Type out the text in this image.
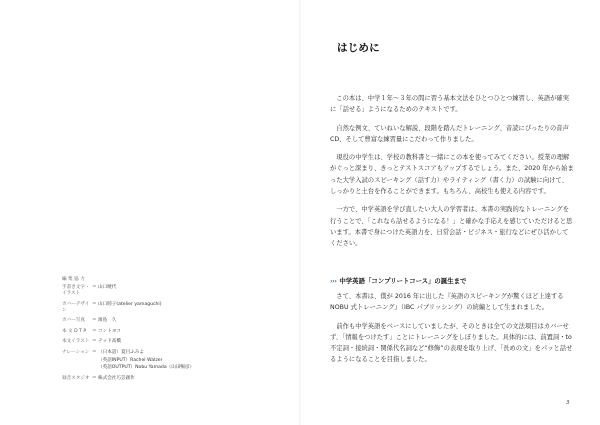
編 集 協 力
手書き文字・
イラスト
＝ 山口暁代
カバーデザイン
＝ 山口睦子(atelier yamaguchi)
カバー写真	＝ 濱島　久
本 文 D T P	＝ コントヨコ
本文イラスト ＝ テッド高橋
ナレーション ＝ （日本語）夏目ふみよ
（英語INPUT）Rachel Walzer
（英語OUTPUT）Nobu Yamada（山田暢彦）
録音スタジオ ＝ 株式会社巧芸創作
はじめに

この本は、中学１年〜３年の間に習う基本文法をひとつひとつ練習し、英語が確実に「話せる」ようになるためのテキストです。

自然な例文、ていねいな解説、段階を踏んだトレーニング、音読にぴったりの音声 CD、そして豊富な練習量にこだわって作りました。

現役の中学生は、学校の教科書と一緒にこの本を使ってみてください。授業の理解がぐっと深まり、きっとテストスコアもアップするでしょう。また、2020 年から始まった大学入試のスピーキング（話す力）やライティング（書く力）の試験に向けて、しっかりと土台を作ることができます。もちろん、高校生も使える内容です。

一方で、中学英語を学び直したい大人の学習者は、本書の実践的なトレーニングを行うことで、「これなら話せるようになる！」と確かな手応えを感じていただけると思います。本書で身につけた英語力を、日常会話・ビジネス・旅行などにぜひ活かしてください。

››› 中学英語「コンプリートコース」の誕生まで

さて、本書は、僕が 2016 年に出した『英語のスピーキングが驚くほど上達する NOBU 式トレーニング』（IBC パブリッシング）の続編として生まれました。

前作も中学英語をベースにしていましたが、そのときは全ての文法項目はカバーせず、「情報をつけたす」ことにトレーニングをしぼりました。具体的には、前置詞・to 不定詞・接続詞・関係代名詞など“修飾”の表現を取り上げ、「長めの文」をパッと話せるようになることを目指しました。

3
